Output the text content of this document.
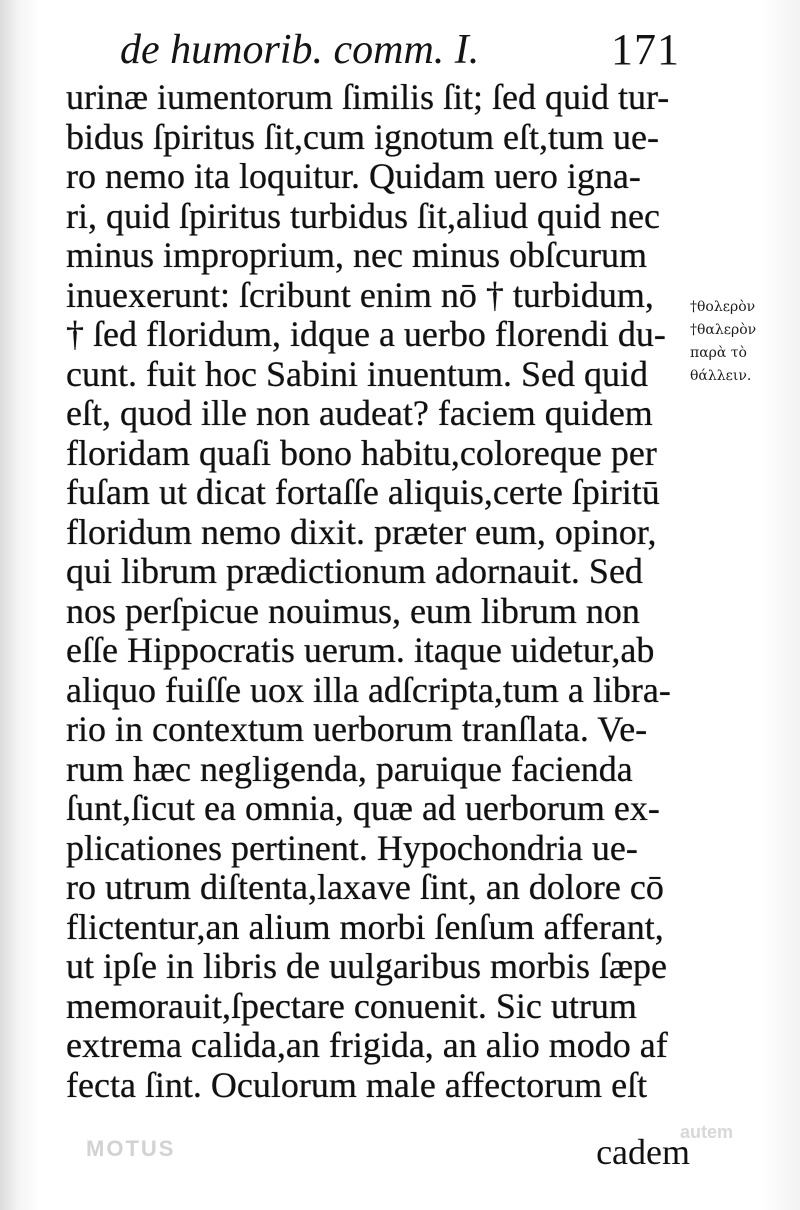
de humorib. comm. I.	171
urinæ iumentorum ſimilis ſit; ſed quid tur-
bidus ſpiritus ſit,cum ignotum eſt,tum ue-
ro nemo ita loquitur. Quidam uero igna-
ri, quid ſpiritus turbidus ſit,aliud quid nec
minus improprium, nec minus obſcurum
inuexerunt: ſcribunt enim nō † turbidum,
† ſed floridum, idque a uerbo florendi du-
cunt. fuit hoc Sabini inuentum. Sed quid
eſt, quod ille non audeat? faciem quidem
floridam quaſi bono habitu,coloreque per
fuſam ut dicat fortaſſe aliquis,certe ſpiritū
floridum nemo dixit. præter eum, opinor,
qui librum prædictionum adornauit. Sed
nos perſpicue nouimus, eum librum non
eſſe Hippocratis uerum. itaque uidetur,ab
aliquo fuiſſe uox illa adſcripta,tum a libra-
rio in contextum uerborum tranſlata. Ve-
rum hæc negligenda, paruique facienda
ſunt,ſicut ea omnia, quæ ad uerborum ex-
plicationes pertinent. Hypochondria ue-
ro utrum diſtenta,laxave ſint, an dolore cō
flictentur,an alium morbi ſenſum afferant,
ut ipſe in libris de uulgaribus morbis ſæpe
memorauit,ſpectare conuenit. Sic utrum
extrema calida,an frigida, an alio modo af
fecta ſint. Oculorum male affectorum eſt
cadem
†θολερὸν
†θαλερὸν
παρὰ τὸ
θάλλειν.
MOTUS
autem
